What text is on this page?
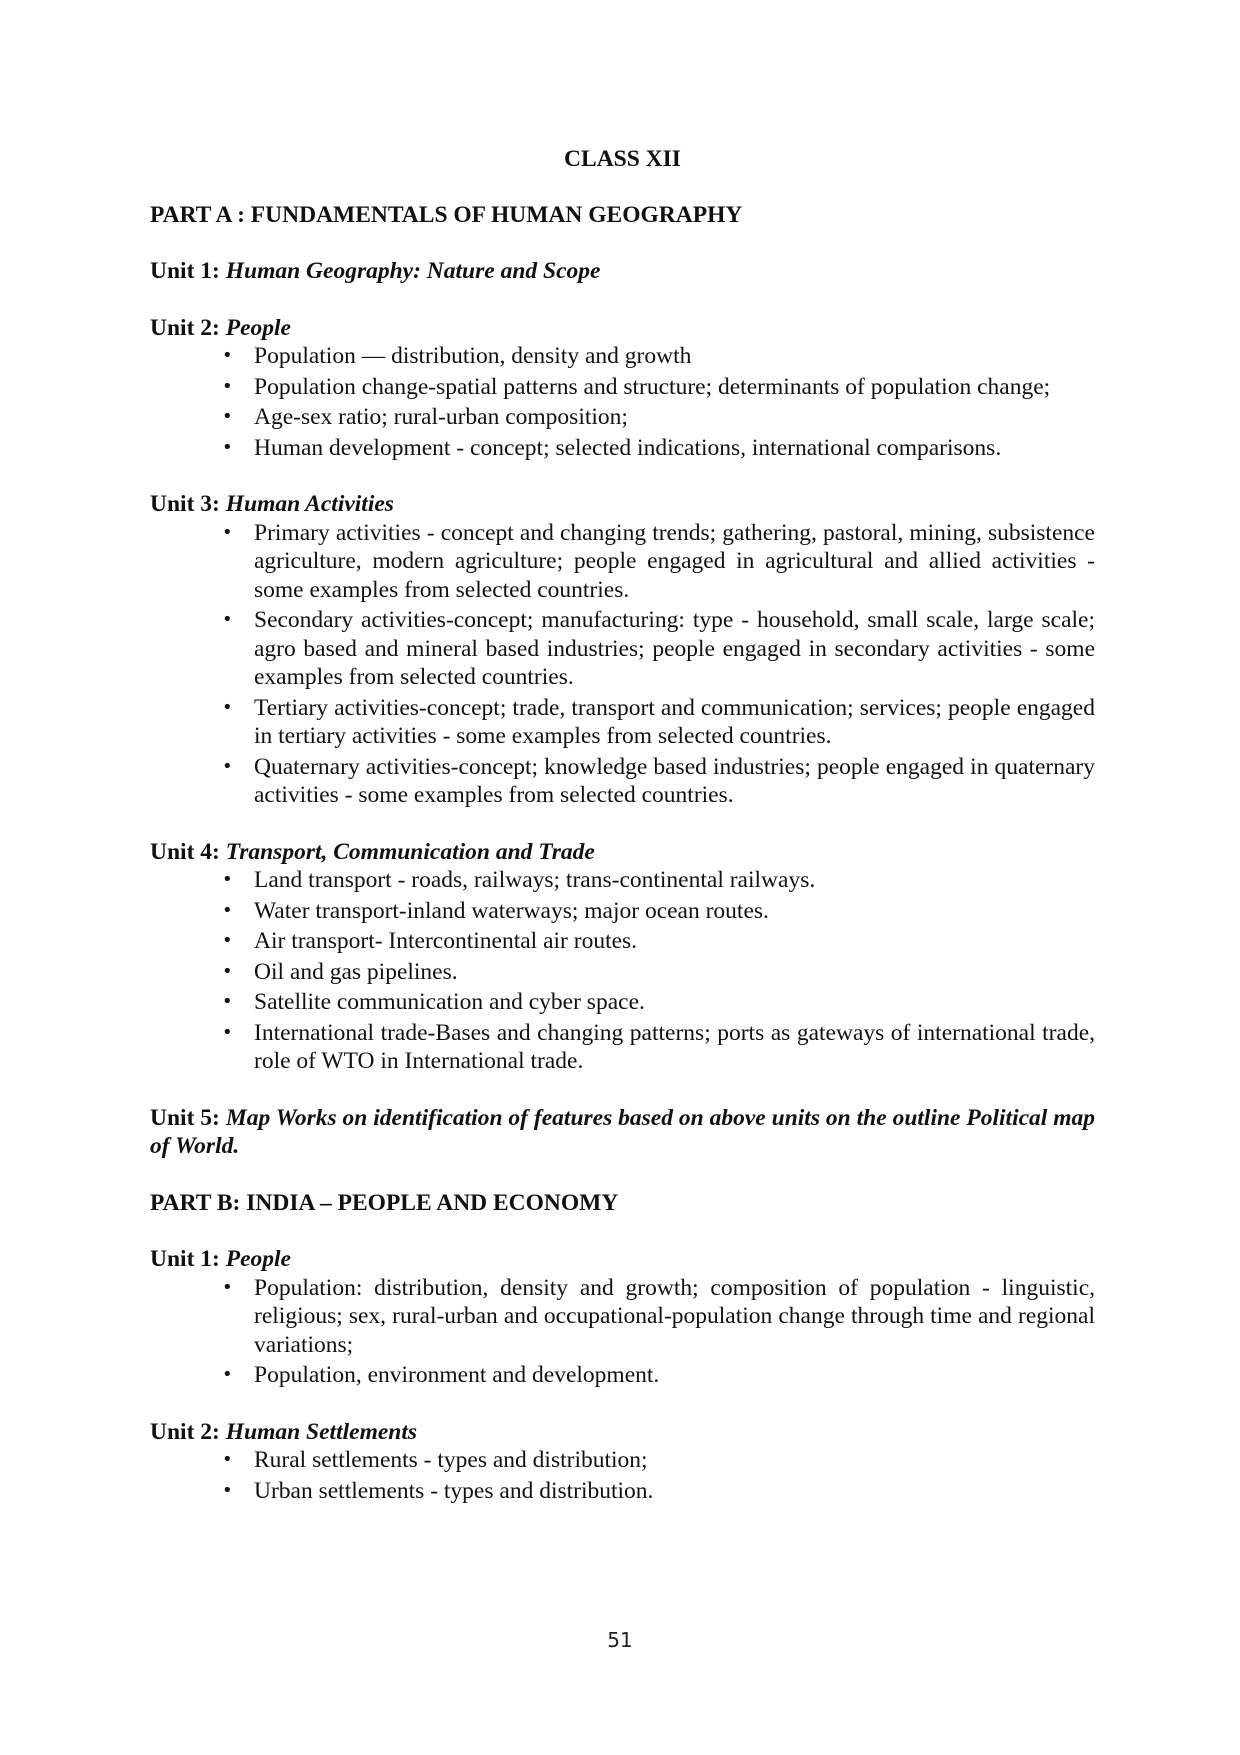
CLASS XII
PART A : FUNDAMENTALS OF HUMAN GEOGRAPHY

Unit 1: Human Geography: Nature and Scope

Unit 2: People

• Population — distribution, density and growth
• Population change-spatial patterns and structure; determinants of population change;
• Age-sex ratio; rural-urban composition;
• Human development - concept; selected indications, international comparisons.

Unit 3: Human Activities

• Primary activities - concept and changing trends; gathering, pastoral, mining, subsistence agriculture, modern agriculture; people engaged in agricultural and allied activities - some examples from selected countries.
• Secondary activities-concept; manufacturing: type - household, small scale, large scale; agro based and mineral based industries; people engaged in secondary activities - some examples from selected countries.
• Tertiary activities-concept; trade, transport and communication; services; people engaged in tertiary activities - some examples from selected countries.
• Quaternary activities-concept; knowledge based industries; people engaged in quaternary activities - some examples from selected countries.

Unit 4: Transport, Communication and Trade

• Land transport - roads, railways; trans-continental railways.
• Water transport-inland waterways; major ocean routes.
• Air transport- Intercontinental air routes.
• Oil and gas pipelines.
• Satellite communication and cyber space.
• International trade-Bases and changing patterns; ports as gateways of international trade, role of WTO in International trade.

Unit 5: Map Works on identification of features based on above units on the outline Political map of World.

PART B: INDIA – PEOPLE AND ECONOMY

Unit 1: People

• Population: distribution, density and growth; composition of population - linguistic, religious; sex, rural-urban and occupational-population change through time and regional variations;
• Population, environment and development.

Unit 2: Human Settlements

• Rural settlements - types and distribution;
• Urban settlements - types and distribution.
51
